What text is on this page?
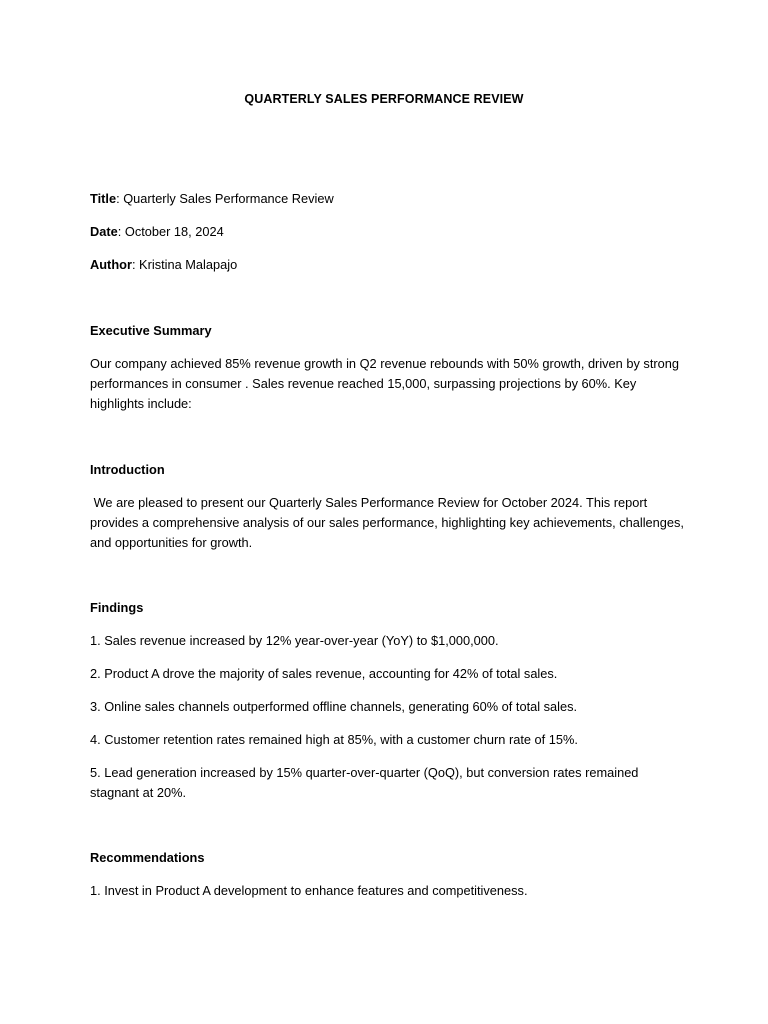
QUARTERLY SALES PERFORMANCE REVIEW
Title: Quarterly Sales Performance Review
Date: October 18, 2024
Author: Kristina Malapajo
Executive Summary
Our company achieved 85% revenue growth in Q2 revenue rebounds with 50% growth, driven by strong performances in consumer . Sales revenue reached 15,000, surpassing projections by 60%. Key highlights include:
Introduction
We are pleased to present our Quarterly Sales Performance Review for October 2024. This report provides a comprehensive analysis of our sales performance, highlighting key achievements, challenges, and opportunities for growth.
Findings
1. Sales revenue increased by 12% year-over-year (YoY) to $1,000,000.
2. Product A drove the majority of sales revenue, accounting for 42% of total sales.
3. Online sales channels outperformed offline channels, generating 60% of total sales.
4. Customer retention rates remained high at 85%, with a customer churn rate of 15%.
5. Lead generation increased by 15% quarter-over-quarter (QoQ), but conversion rates remained stagnant at 20%.
Recommendations
1. Invest in Product A development to enhance features and competitiveness.
